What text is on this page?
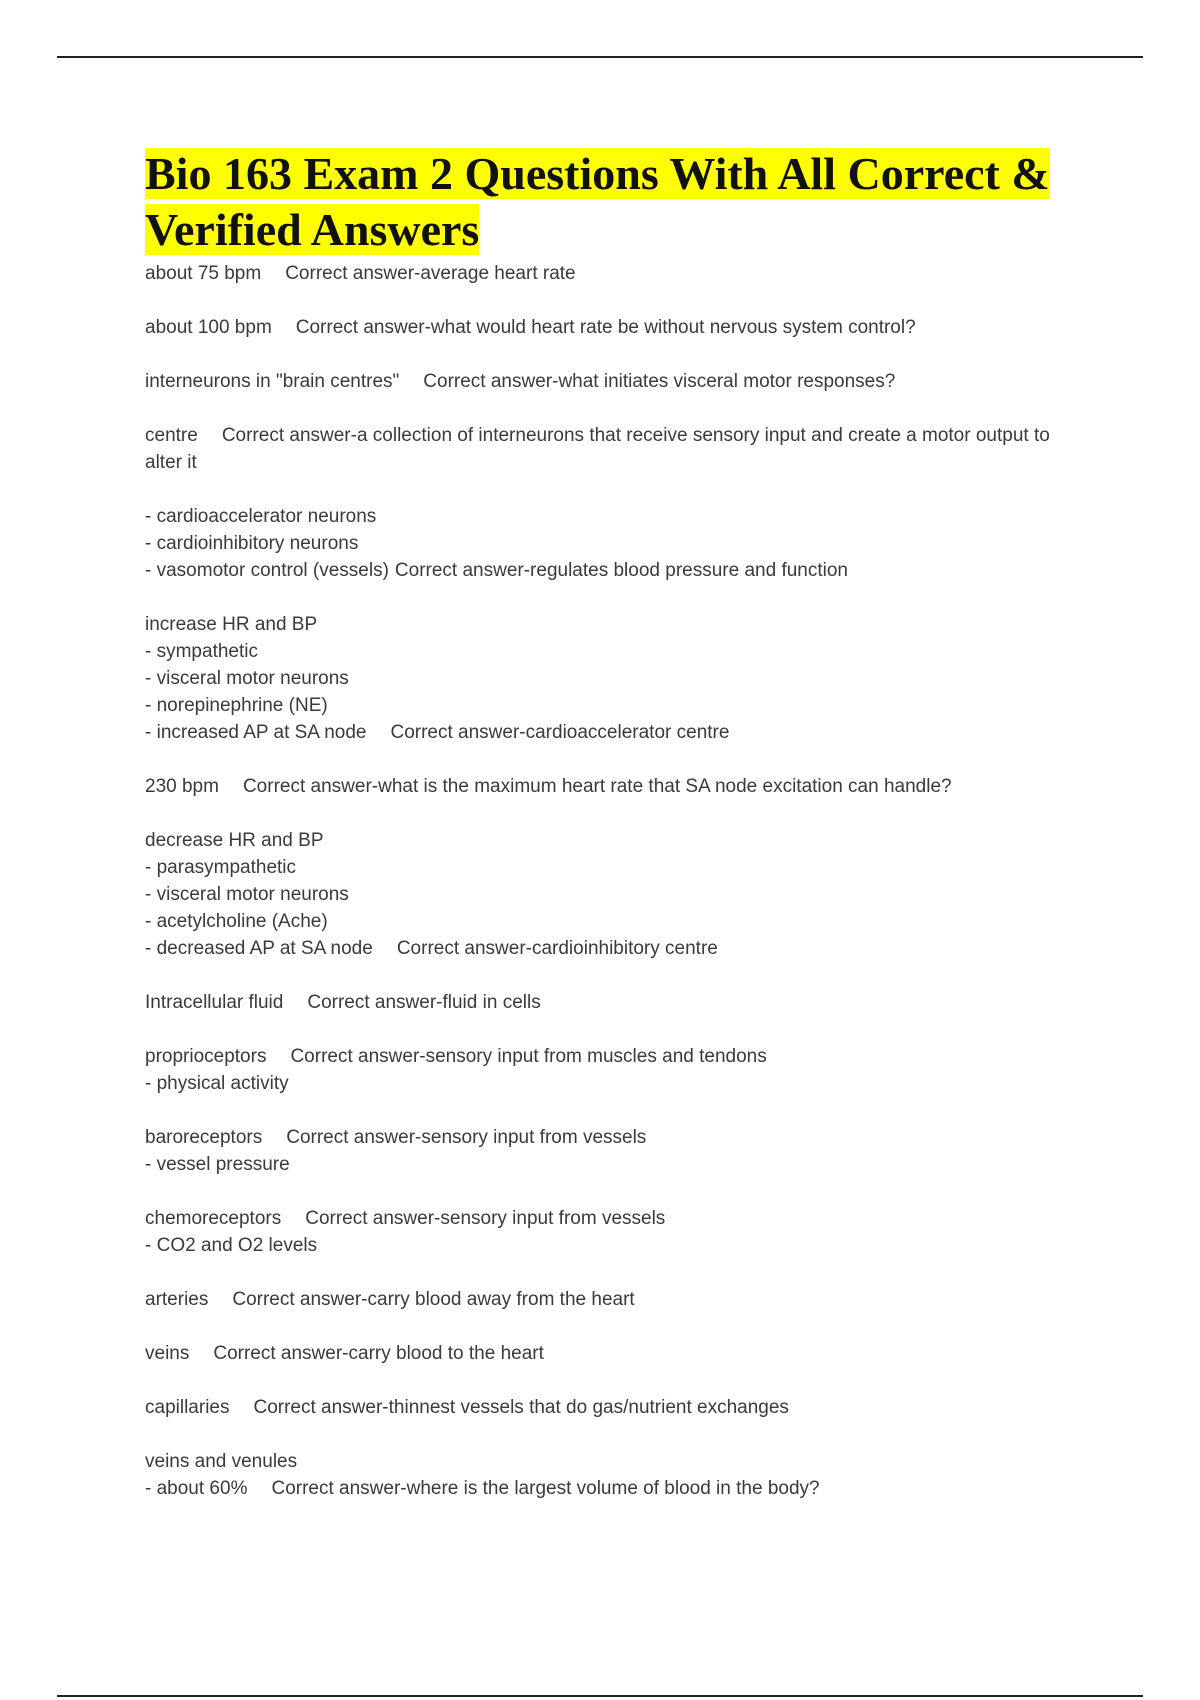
Bio 163 Exam 2 Questions With All Correct & Verified Answers
about 75 bpm Correct answer-average heart rate
about 100 bpm Correct answer-what would heart rate be without nervous system control?
interneurons in "brain centres" Correct answer-what initiates visceral motor responses?
centre Correct answer-a collection of interneurons that receive sensory input and create a motor output to alter it
- cardioaccelerator neurons
- cardioinhibitory neurons
- vasomotor control (vessels) Correct answer-regulates blood pressure and function
increase HR and BP
- sympathetic
- visceral motor neurons
- norepinephrine (NE)
- increased AP at SA node Correct answer-cardioaccelerator centre
230 bpm Correct answer-what is the maximum heart rate that SA node excitation can handle?
decrease HR and BP
- parasympathetic
- visceral motor neurons
- acetylcholine (Ache)
- decreased AP at SA node Correct answer-cardioinhibitory centre
Intracellular fluid Correct answer-fluid in cells
proprioceptors Correct answer-sensory input from muscles and tendons
- physical activity
baroreceptors Correct answer-sensory input from vessels
- vessel pressure
chemoreceptors Correct answer-sensory input from vessels
- CO2 and O2 levels
arteries Correct answer-carry blood away from the heart
veins Correct answer-carry blood to the heart
capillaries Correct answer-thinnest vessels that do gas/nutrient exchanges
veins and venules
- about 60% Correct answer-where is the largest volume of blood in the body?
